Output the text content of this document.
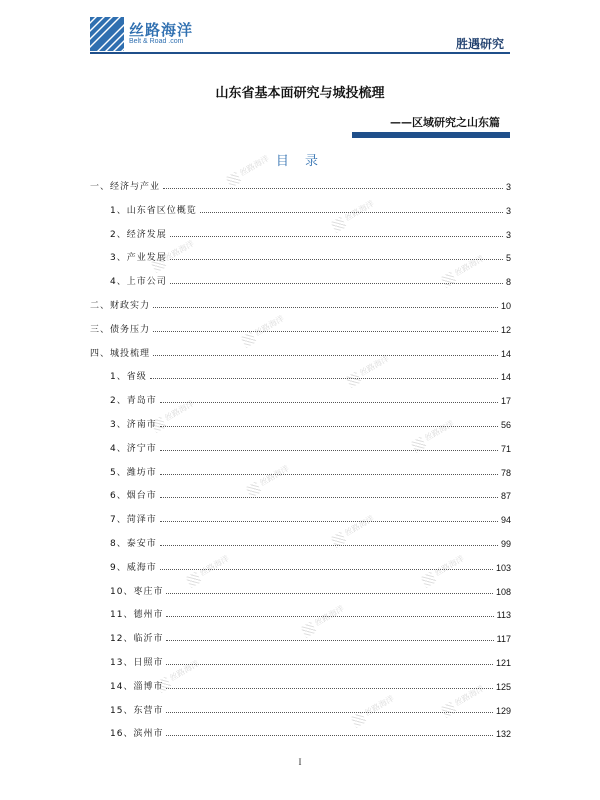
丝路海洋
Belt & Road .com	胜遇研究
山东省基本面研究与城投梳理
——区域研究之山东篇
目 录
一、经济与产业	3
1、山东省区位概览	3
2、经济发展	3
3、产业发展	5
4、上市公司	8
二、财政实力	10
三、债务压力	12
四、城投梳理	14
1、省级	14
2、青岛市	17
3、济南市	56
4、济宁市	71
5、潍坊市	78
6、烟台市	87
7、菏泽市	94
8、泰安市	99
9、威海市	103
10、枣庄市	108
11、德州市	113
12、临沂市	117
13、日照市	121
14、淄博市	125
15、东营市	129
16、滨州市	132
丝路海洋
丝路海洋
丝路海洋
丝路海洋
丝路海洋
丝路海洋
丝路海洋
丝路海洋
丝路海洋
丝路海洋
丝路海洋
丝路海洋
丝路海洋
丝路海洋
丝路海洋	丝路海洋
I
